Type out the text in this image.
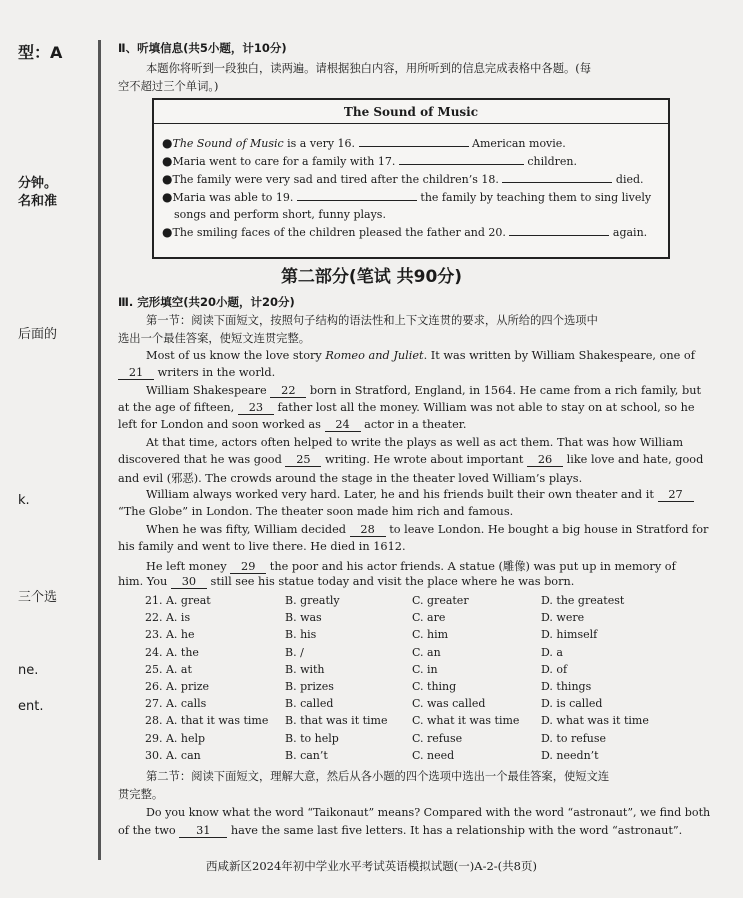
型：A
分钟。
名和准
后面的
k.
三个选
ne.
ent.
Ⅱ、听填信息(共5小题，计10分)
本题你将听到一段独白，读两遍。请根据独白内容，用所听到的信息完成表格中各题。(每
空不超过三个单词。)
The Sound of Music
●The Sound of Music is a very 16.	American movie.
●Maria went to care for a family with 17.	children.
●The family were very sad and tired after the children’s 18.	died.
●Maria was able to 19.	the family by teaching them to sing lively
songs and perform short, funny plays.
●The smiling faces of the children pleased the father and 20.	again.
第二部分(笔试 共90分)
Ⅲ. 完形填空(共20小题，计20分)
第一节：阅读下面短文，按照句子结构的语法性和上下文连贯的要求，从所给的四个选项中
选出一个最佳答案，使短文连贯完整。
Most of us know the love story Romeo and Juliet. It was written by William Shakespeare, one of
21 writers in the world.
William Shakespeare 22 born in Stratford, England, in 1564. He came from a rich family, but
at the age of fifteen, 23 father lost all the money. William was not able to stay on at school, so he
left for London and soon worked as 24 actor in a theater.
At that time, actors often helped to write the plays as well as act them. That was how William
discovered that he was good 25 writing. He wrote about important 26 like love and hate, good
and evil (邪恶). The crowds around the stage in the theater loved William’s plays.
William always worked very hard. Later, he and his friends built their own theater and it 27
“The Globe” in London. The theater soon made him rich and famous.
When he was fifty, William decided 28 to leave London. He bought a big house in Stratford for
his family and went to live there. He died in 1612.
He left money 29 the poor and his actor friends. A statue (雕像) was put up in memory of
him. You 30 still see his statue today and visit the place where he was born.
21. A. great	B. greatly	C. greater	D. the greatest
22. A. is	B. was	C. are	D. were
23. A. he	B. his	C. him	D. himself
24. A. the	B. /	C. an	D. a
25. A. at	B. with	C. in	D. of
26. A. prize	B. prizes	C. thing	D. things
27. A. calls	B. called	C. was called	D. is called
28. A. that it was time B. that was it time C. what it was time D. what was it time
29. A. help	B. to help	C. refuse	D. to refuse
30. A. can	B. can’t	C. need	D. needn’t
第二节：阅读下面短文，理解大意，然后从各小题的四个选项中选出一个最佳答案，使短文连
贯完整。
Do you know what the word “Taikonaut” means? Compared with the word “astronaut”, we find both
of the two 31 have the same last five letters. It has a relationship with the word “astronaut”.
西咸新区2024年初中学业水平考试英语模拟试题(一)A-2-(共8页)
